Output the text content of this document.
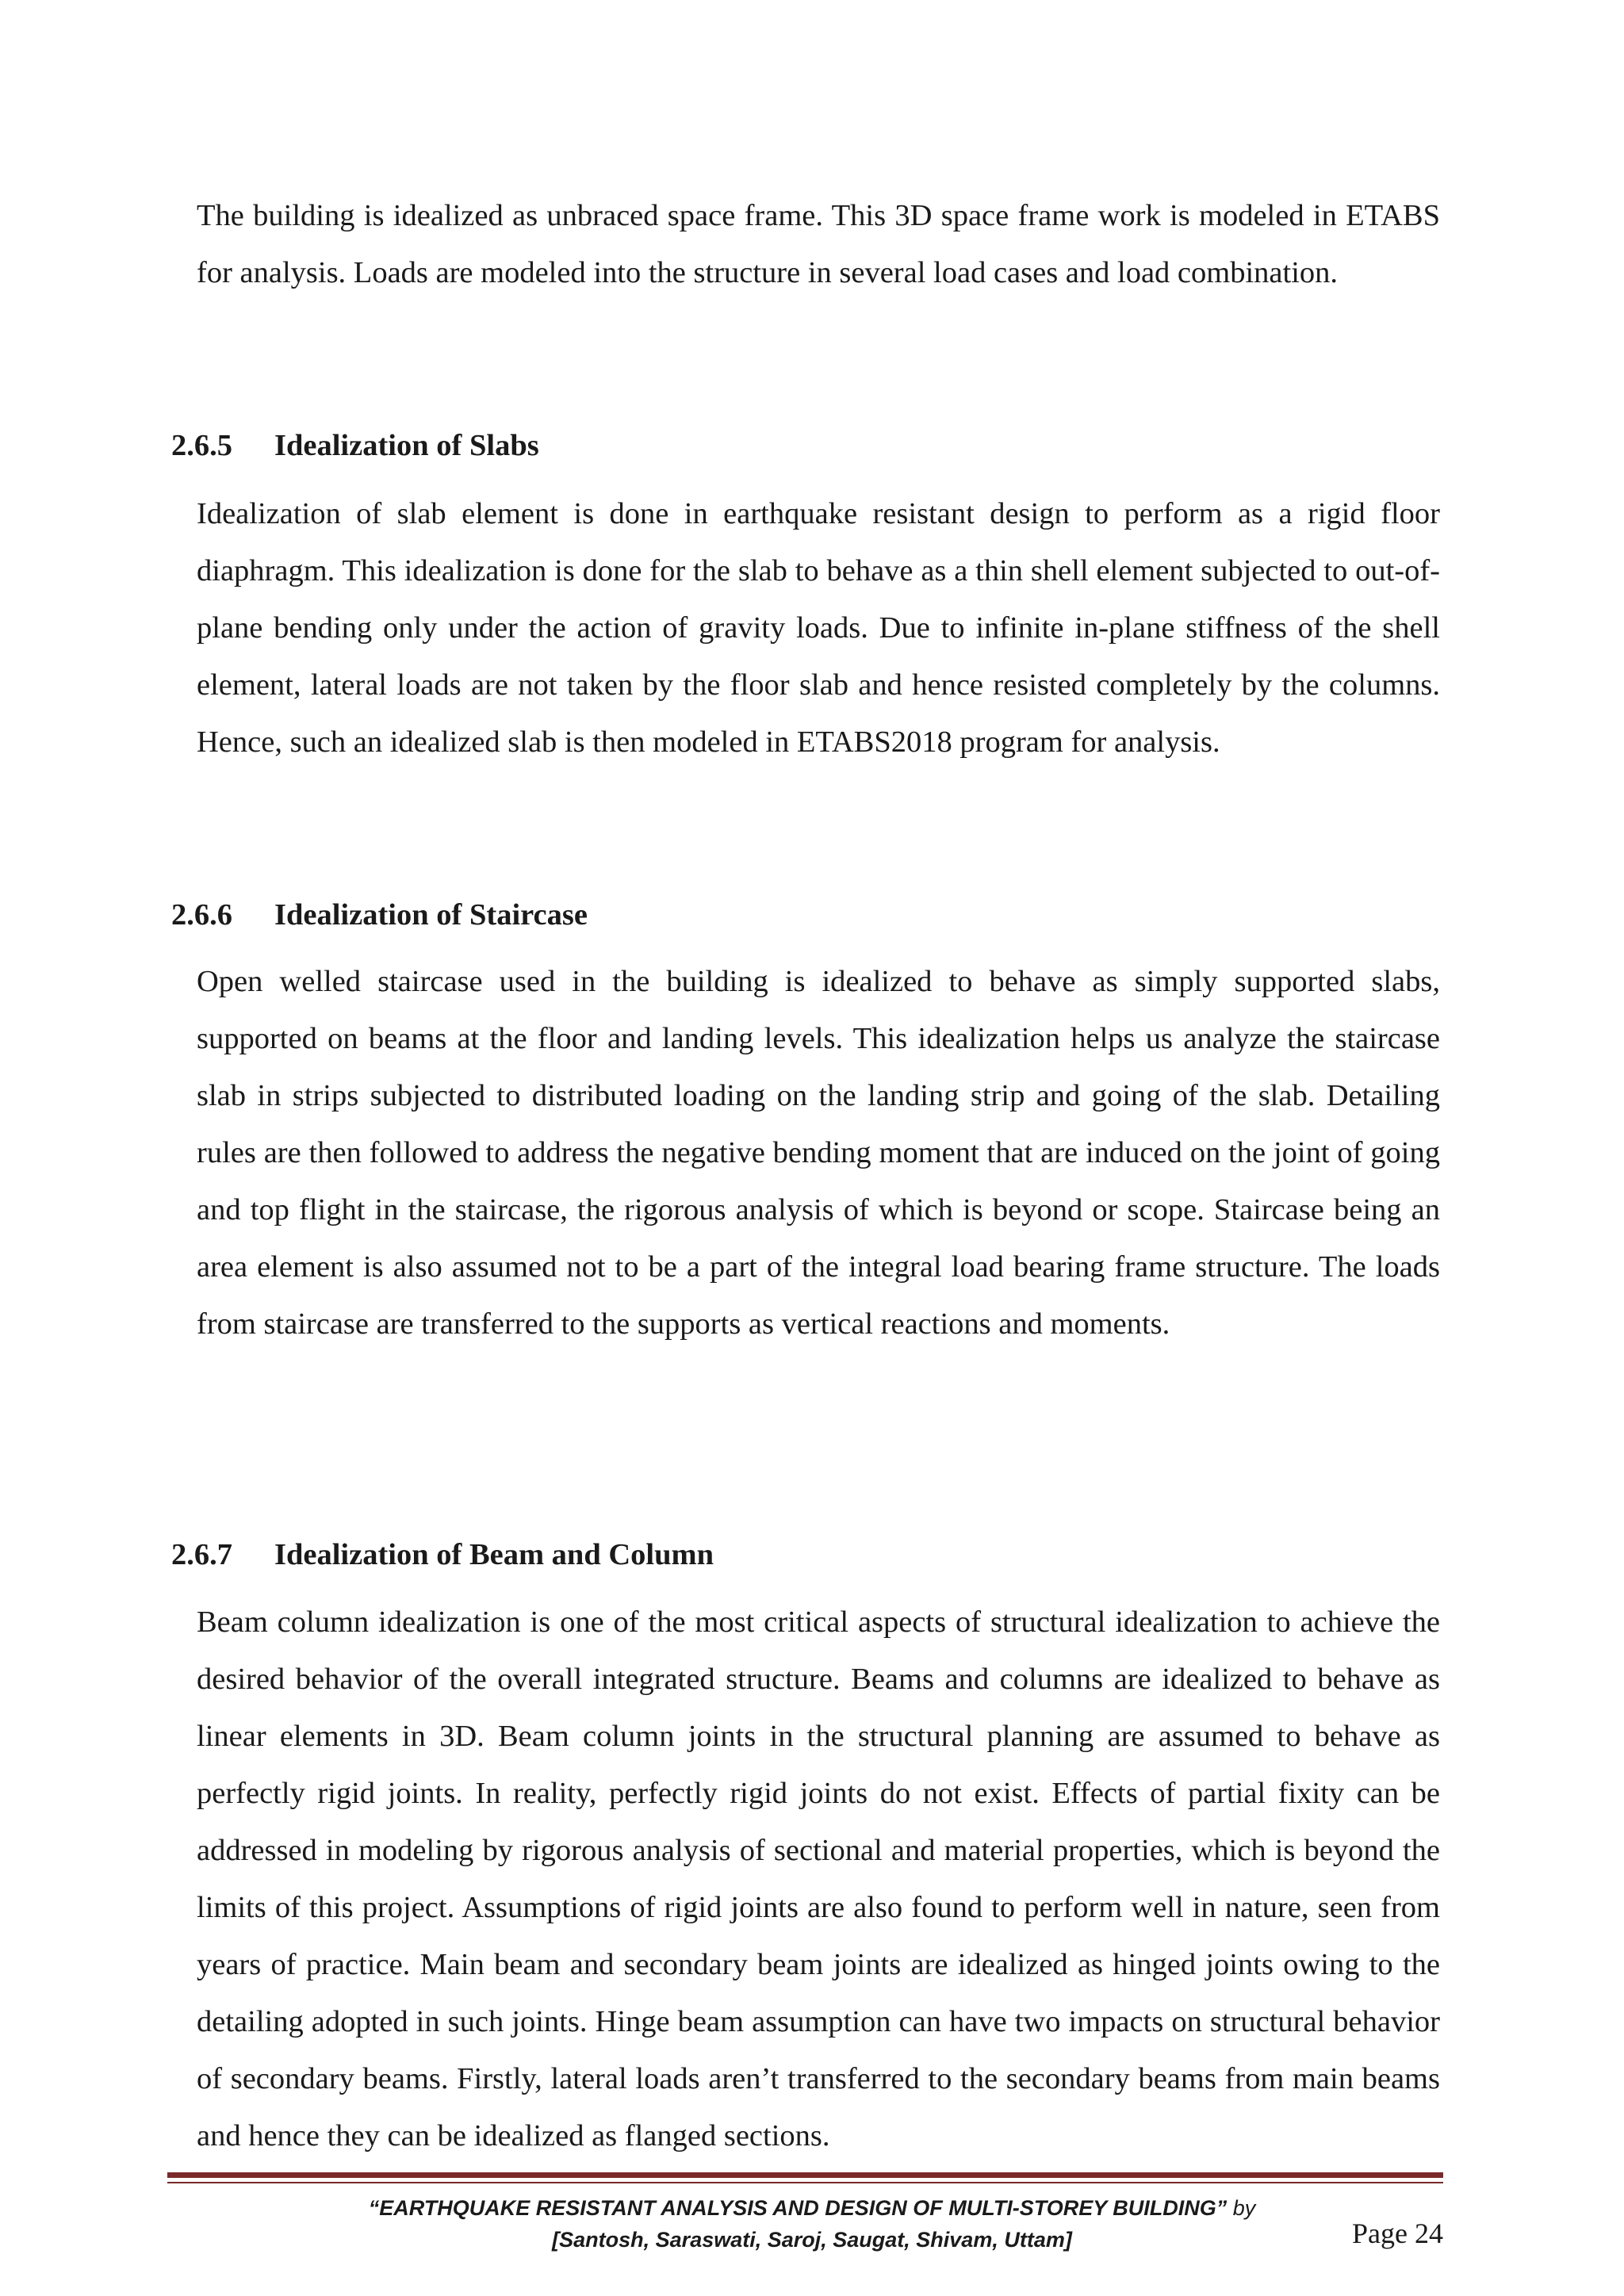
The building is idealized as unbraced space frame. This 3D space frame work is modeled in ETABS for analysis. Loads are modeled into the structure in several load cases and load combination.

2.6.5 Idealization of Slabs

Idealization of slab element is done in earthquake resistant design to perform as a rigid floor diaphragm. This idealization is done for the slab to behave as a thin shell element subjected to out-of-plane bending only under the action of gravity loads. Due to infinite in-plane stiffness of the shell element, lateral loads are not taken by the floor slab and hence resisted completely by the columns. Hence, such an idealized slab is then modeled in ETABS2018 program for analysis.

2.6.6 Idealization of Staircase

Open welled staircase used in the building is idealized to behave as simply supported slabs, supported on beams at the floor and landing levels. This idealization helps us analyze the staircase slab in strips subjected to distributed loading on the landing strip and going of the slab. Detailing rules are then followed to address the negative bending moment that are induced on the joint of going and top flight in the staircase, the rigorous analysis of which is beyond or scope. Staircase being an area element is also assumed not to be a part of the integral load bearing frame structure. The loads from staircase are transferred to the supports as vertical reactions and moments.

2.6.7 Idealization of Beam and Column

Beam column idealization is one of the most critical aspects of structural idealization to achieve the desired behavior of the overall integrated structure. Beams and columns are idealized to behave as linear elements in 3D. Beam column joints in the structural planning are assumed to behave as perfectly rigid joints. In reality, perfectly rigid joints do not exist. Effects of partial fixity can be addressed in modeling by rigorous analysis of sectional and material properties, which is beyond the limits of this project. Assumptions of rigid joints are also found to perform well in nature, seen from years of practice. Main beam and secondary beam joints are idealized as hinged joints owing to the detailing adopted in such joints. Hinge beam assumption can have two impacts on structural behavior of secondary beams. Firstly, lateral loads aren’t transferred to the secondary beams from main beams and hence they can be idealized as flanged sections.

“EARTHQUAKE RESISTANT ANALYSIS AND DESIGN OF MULTI-STOREY BUILDING” by

[Santosh, Saraswati, Saroj, Saugat, Shivam, Uttam]	Page 24
